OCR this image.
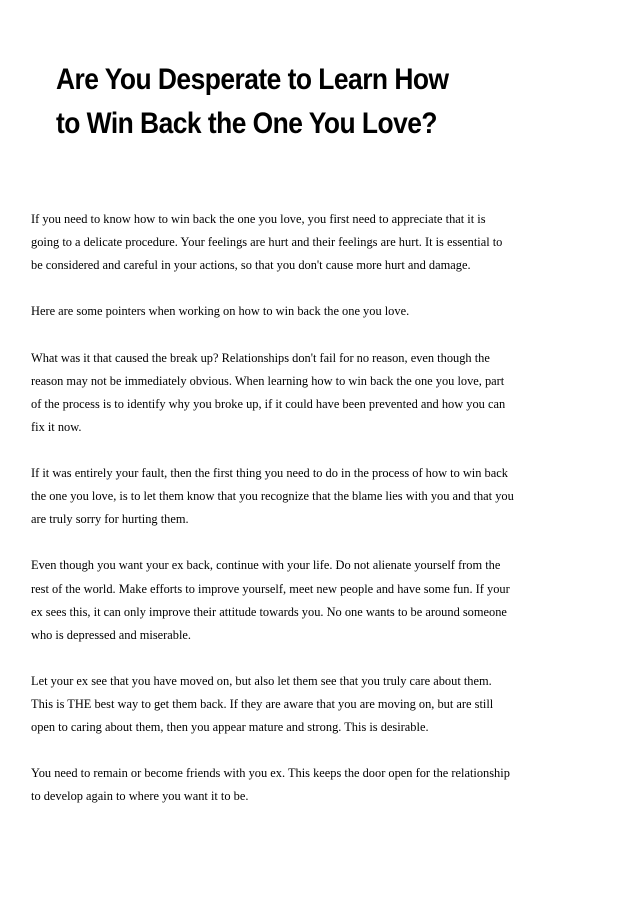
Are You Desperate to Learn How
to Win Back the One You Love?

If you need to know how to win back the one you love, you first need to appreciate that it is
going to a delicate procedure. Your feelings are hurt and their feelings are hurt. It is essential to
be considered and careful in your actions, so that you don't cause more hurt and damage.

Here are some pointers when working on how to win back the one you love.

What was it that caused the break up? Relationships don't fail for no reason, even though the
reason may not be immediately obvious. When learning how to win back the one you love, part
of the process is to identify why you broke up, if it could have been prevented and how you can
fix it now.

If it was entirely your fault, then the first thing you need to do in the process of how to win back
the one you love, is to let them know that you recognize that the blame lies with you and that you
are truly sorry for hurting them.

Even though you want your ex back, continue with your life. Do not alienate yourself from the
rest of the world. Make efforts to improve yourself, meet new people and have some fun. If your
ex sees this, it can only improve their attitude towards you. No one wants to be around someone
who is depressed and miserable.

Let your ex see that you have moved on, but also let them see that you truly care about them.
This is THE best way to get them back. If they are aware that you are moving on, but are still
open to caring about them, then you appear mature and strong. This is desirable.

You need to remain or become friends with you ex. This keeps the door open for the relationship
to develop again to where you want it to be.
